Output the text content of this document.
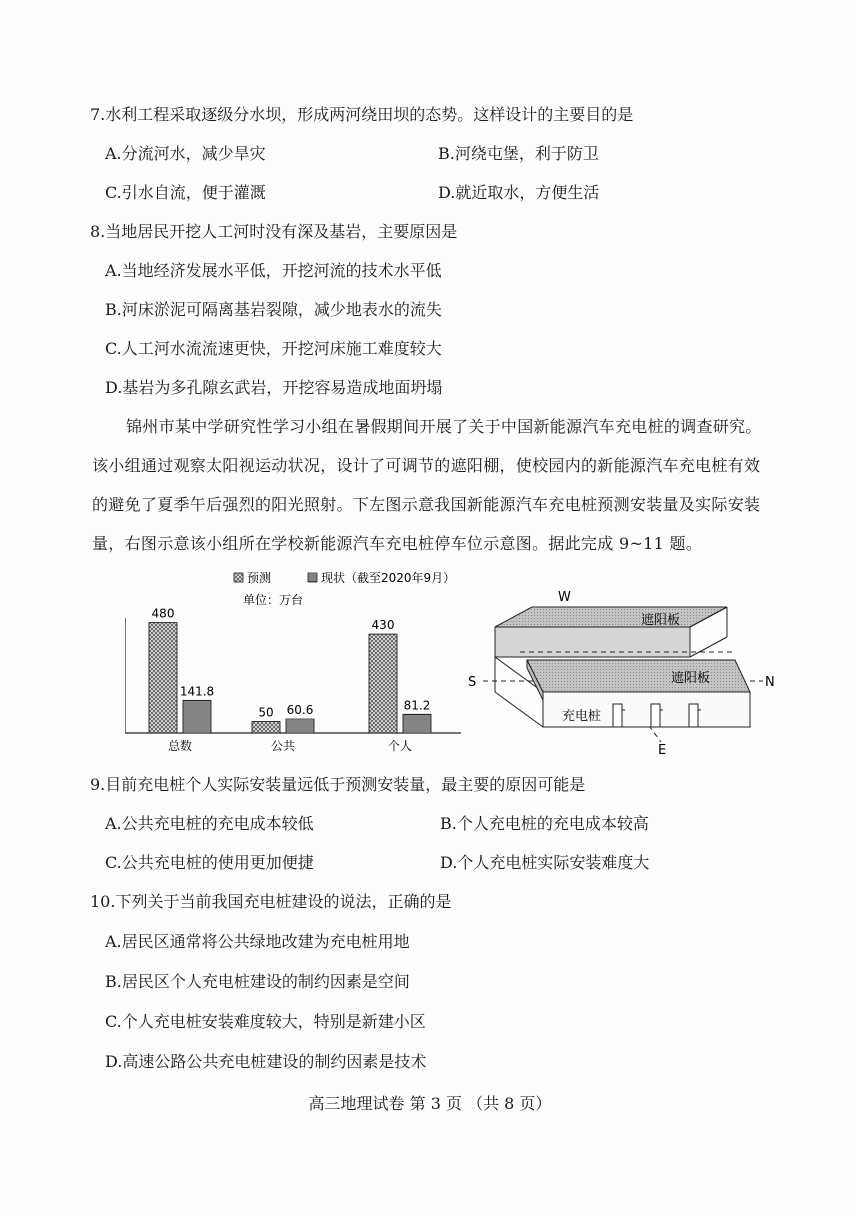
7.水利工程采取逐级分水坝，形成两河绕田坝的态势。这样设计的主要目的是
A.分流河水，减少旱灾	B.河绕屯堡，利于防卫
C.引水自流，便于灌溉	D.就近取水，方便生活
8.当地居民开挖人工河时没有深及基岩，主要原因是
A.当地经济发展水平低，开挖河流的技术水平低
B.河床淤泥可隔离基岩裂隙，减少地表水的流失
C.人工河水流流速更快，开挖河床施工难度较大
D.基岩为多孔隙玄武岩，开挖容易造成地面坍塌
锦州市某中学研究性学习小组在暑假期间开展了关于中国新能源汽车充电桩的调查研究。
该小组通过观察太阳视运动状况，设计了可调节的遮阳棚，使校园内的新能源汽车充电桩有效
的避免了夏季午后强烈的阳光照射。下左图示意我国新能源汽车充电桩预测安装量及实际安装
量，右图示意该小组所在学校新能源汽车充电桩停车位示意图。据此完成 9~11 题。
预测	现状（截至2020年9月）
单位：万台
480
141.8
50 60.6
430
81.2
总数	公共	个人
W
E
遮阳板
S	N
遮阳板
充电桩
9.目前充电桩个人实际安装量远低于预测安装量，最主要的原因可能是
A.公共充电桩的充电成本较低	B.个人充电桩的充电成本较高
C.公共充电桩的使用更加便捷	D.个人充电桩实际安装难度大
10.下列关于当前我国充电桩建设的说法，正确的是
A.居民区通常将公共绿地改建为充电桩用地
B.居民区个人充电桩建设的制约因素是空间
C.个人充电桩安装难度较大，特别是新建小区
D.高速公路公共充电桩建设的制约因素是技术
高三地理试卷 第 3 页 （共 8 页）
